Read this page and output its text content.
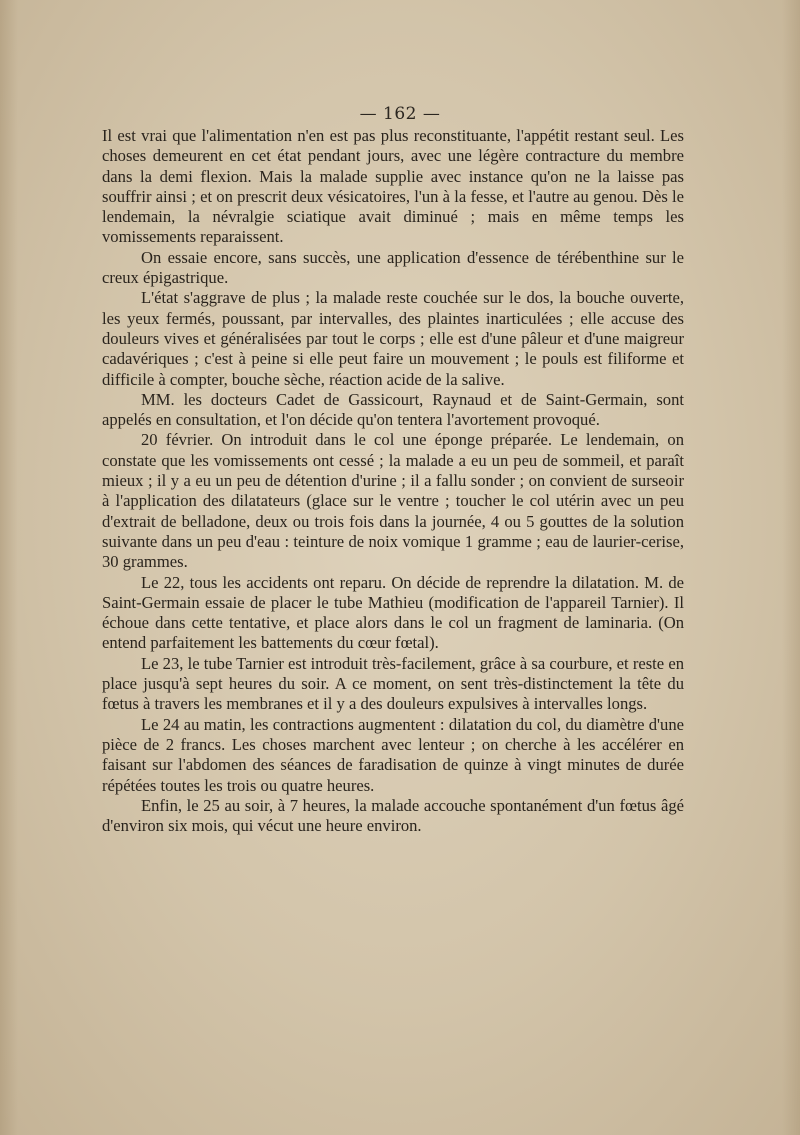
— 162 —

Il est vrai que l'alimentation n'en est pas plus reconstituante, l'appétit restant seul. Les choses demeurent en cet état pendant jours, avec une légère contracture du membre dans la demi flexion. Mais la malade supplie avec instance qu'on ne la laisse pas souffrir ainsi ; et on prescrit deux vésicatoires, l'un à la fesse, et l'autre au genou. Dès le lendemain, la névralgie sciatique avait diminué ; mais en même temps les vomissements reparaissent.

On essaie encore, sans succès, une application d'essence de térébenthine sur le creux épigastrique.

L'état s'aggrave de plus ; la malade reste couchée sur le dos, la bouche ouverte, les yeux fermés, poussant, par intervalles, des plaintes inarticulées ; elle accuse des douleurs vives et généralisées par tout le corps ; elle est d'une pâleur et d'une maigreur cadavériques ; c'est à peine si elle peut faire un mouvement ; le pouls est filiforme et difficile à compter, bouche sèche, réaction acide de la salive.

MM. les docteurs Cadet de Gassicourt, Raynaud et de Saint-Germain, sont appelés en consultation, et l'on décide qu'on tentera l'avortement provoqué.

20 février. On introduit dans le col une éponge préparée. Le lendemain, on constate que les vomissements ont cessé ; la malade a eu un peu de sommeil, et paraît mieux ; il y a eu un peu de détention d'urine ; il a fallu sonder ; on convient de surseoir à l'application des dilatateurs (glace sur le ventre ; toucher le col utérin avec un peu d'extrait de belladone, deux ou trois fois dans la journée, 4 ou 5 gouttes de la solution suivante dans un peu d'eau : teinture de noix vomique 1 gramme ; eau de laurier-cerise, 30 grammes.

Le 22, tous les accidents ont reparu. On décide de reprendre la dilatation. M. de Saint-Germain essaie de placer le tube Mathieu (modification de l'appareil Tarnier). Il échoue dans cette tentative, et place alors dans le col un fragment de laminaria. (On entend parfaitement les battements du cœur fœtal).

Le 23, le tube Tarnier est introduit très-facilement, grâce à sa courbure, et reste en place jusqu'à sept heures du soir. A ce moment, on sent très-distinctement la tête du fœtus à travers les membranes et il y a des douleurs expulsives à intervalles longs.

Le 24 au matin, les contractions augmentent : dilatation du col, du diamètre d'une pièce de 2 francs. Les choses marchent avec lenteur ; on cherche à les accélérer en faisant sur l'abdomen des séances de faradisation de quinze à vingt minutes de durée répétées toutes les trois ou quatre heures.

Enfin, le 25 au soir, à 7 heures, la malade accouche spontanément d'un fœtus âgé d'environ six mois, qui vécut une heure environ.
